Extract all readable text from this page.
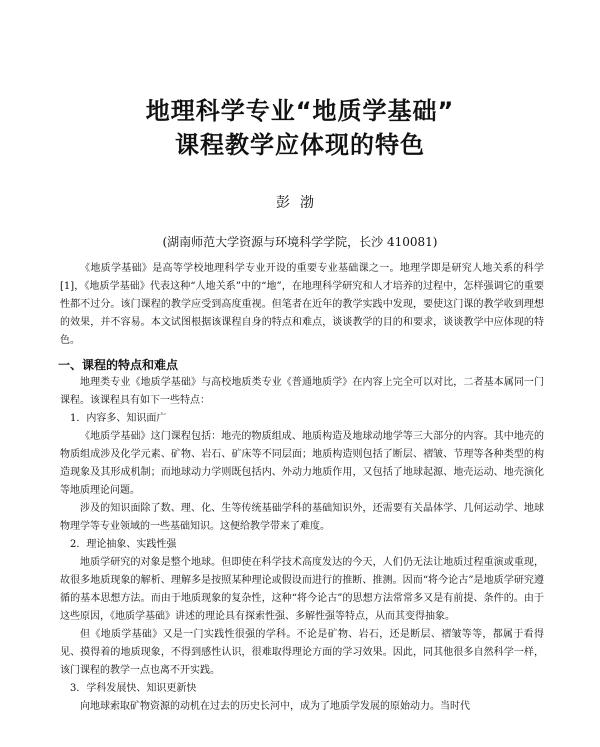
地理科学专业“地质学基础”
课程教学应体现的特色
彭渤
(湖南师范大学资源与环境科学学院，长沙 410081)

《地质学基础》是高等学校地理科学专业开设的重要专业基础课之一。地理学即是研究人地关系的科学[1]，《地质学基础》代表这种“人地关系”中的“地”，在地理科学研究和人才培养的过程中，怎样强调它的重要性都不过分。该门课程的教学应受到高度重视。但笔者在近年的教学实践中发现，要使这门课的教学收到理想的效果，并不容易。本文试图根据该课程自身的特点和难点，谈谈教学的目的和要求，谈谈教学中应体现的特色。

一、课程的特点和难点

地理类专业《地质学基础》与高校地质类专业《普通地质学》在内容上完全可以对比，二者基本属同一门课程。该课程具有如下一些特点：

1．内容多、知识面广

《地质学基础》这门课程包括：地壳的物质组成、地质构造及地球动地学等三大部分的内容。其中地壳的物质组成涉及化学元素、矿物、岩石、矿床等不同层面；地质构造则包括了断层、褶皱、节理等各种类型的构造现象及其形成机制；而地球动力学则既包括内、外动力地质作用，又包括了地球起源、地壳运动、地壳演化等地质理论问题。

涉及的知识面除了数、理、化、生等传统基础学科的基础知识外，还需要有关晶体学、几何运动学、地球物理学等专业领域的一些基础知识。这便给教学带来了难度。

2．理论抽象、实践性强

地质学研究的对象是整个地球。但即使在科学技术高度发达的今天，人们仍无法让地质过程重演或重现，故很多地质现象的解析、理解多是按照某种理论或假设而进行的推断、推测。因而“将今论古”是地质学研究遵循的基本思想方法。而由于地质现象的复杂性，这种“将今论古”的思想方法常常多又是有前提、条件的。由于这些原因，《地质学基础》讲述的理论具有探索性强、多解性强等特点，从而其变得抽象。

但《地质学基础》又是一门实践性很强的学科。不论是矿物、岩石，还是断层、褶皱等等，都属于看得见、摸得着的地质现象，不得到感性认识，很难取得理论方面的学习效果。因此，同其他很多自然科学一样，该门课程的教学一点也离不开实践。

3．学科发展快、知识更新快

向地球索取矿物资源的动机在过去的历史长河中，成为了地质学发展的原始动力。当时代
